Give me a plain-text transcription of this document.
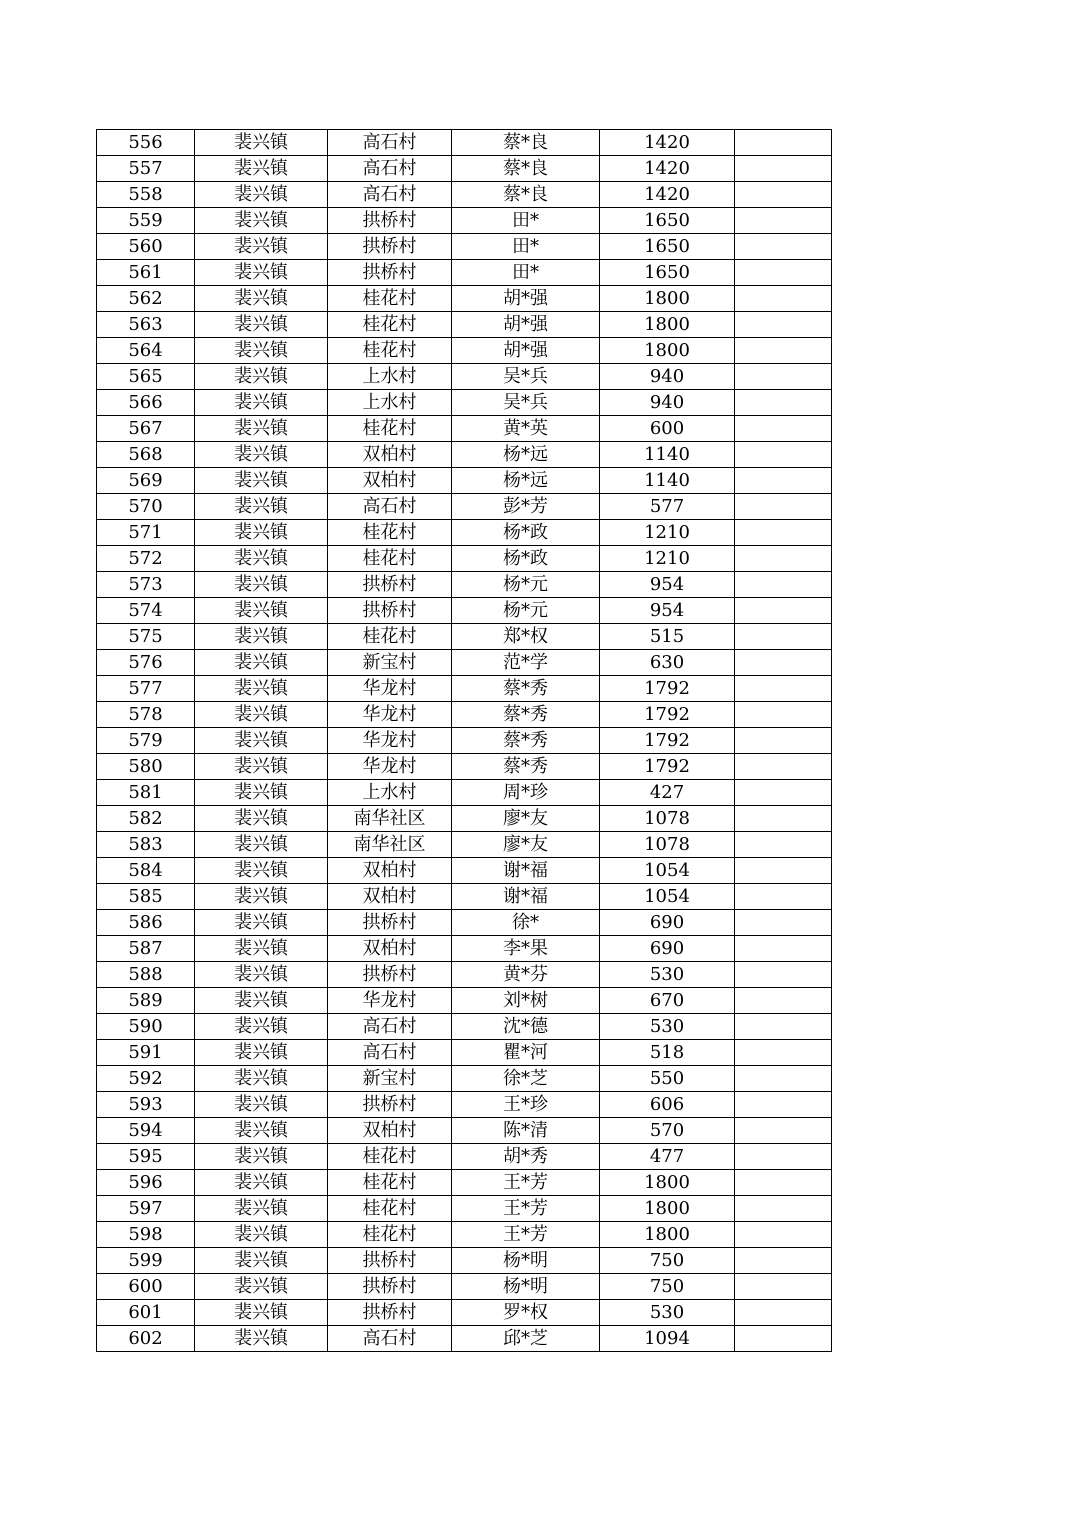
556	裴兴镇	高石村	蔡*良	1420	
557	裴兴镇	高石村	蔡*良	1420	
558	裴兴镇	高石村	蔡*良	1420	
559	裴兴镇	拱桥村	田*	1650	
560	裴兴镇	拱桥村	田*	1650	
561	裴兴镇	拱桥村	田*	1650	
562	裴兴镇	桂花村	胡*强	1800	
563	裴兴镇	桂花村	胡*强	1800	
564	裴兴镇	桂花村	胡*强	1800	
565	裴兴镇	上水村	吴*兵	940	
566	裴兴镇	上水村	吴*兵	940	
567	裴兴镇	桂花村	黄*英	600	
568	裴兴镇	双柏村	杨*远	1140	
569	裴兴镇	双柏村	杨*远	1140	
570	裴兴镇	高石村	彭*芳	577	
571	裴兴镇	桂花村	杨*政	1210	
572	裴兴镇	桂花村	杨*政	1210	
573	裴兴镇	拱桥村	杨*元	954	
574	裴兴镇	拱桥村	杨*元	954	
575	裴兴镇	桂花村	郑*权	515	
576	裴兴镇	新宝村	范*学	630	
577	裴兴镇	华龙村	蔡*秀	1792	
578	裴兴镇	华龙村	蔡*秀	1792	
579	裴兴镇	华龙村	蔡*秀	1792	
580	裴兴镇	华龙村	蔡*秀	1792	
581	裴兴镇	上水村	周*珍	427	
582	裴兴镇	南华社区	廖*友	1078	
583	裴兴镇	南华社区	廖*友	1078	
584	裴兴镇	双柏村	谢*福	1054	
585	裴兴镇	双柏村	谢*福	1054	
586	裴兴镇	拱桥村	徐*	690	
587	裴兴镇	双柏村	李*果	690	
588	裴兴镇	拱桥村	黄*芬	530	
589	裴兴镇	华龙村	刘*树	670	
590	裴兴镇	高石村	沈*德	530	
591	裴兴镇	高石村	瞿*河	518	
592	裴兴镇	新宝村	徐*芝	550	
593	裴兴镇	拱桥村	王*珍	606	
594	裴兴镇	双柏村	陈*清	570	
595	裴兴镇	桂花村	胡*秀	477	
596	裴兴镇	桂花村	王*芳	1800	
597	裴兴镇	桂花村	王*芳	1800	
598	裴兴镇	桂花村	王*芳	1800	
599	裴兴镇	拱桥村	杨*明	750	
600	裴兴镇	拱桥村	杨*明	750	
601	裴兴镇	拱桥村	罗*权	530	
602	裴兴镇	高石村	邱*芝	1094	
